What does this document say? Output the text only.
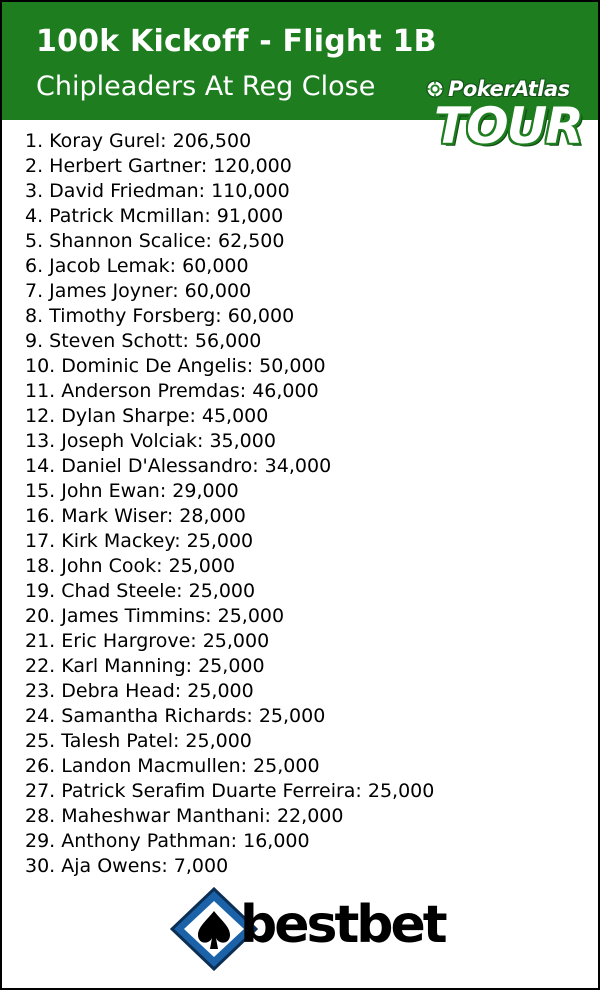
100k Kickoff - Flight 1B
Chipleaders At Reg Close	PokerAtlas
TOUR
1. Koray Gurel: 206,500
2. Herbert Gartner: 120,000
3. David Friedman: 110,000
4. Patrick Mcmillan: 91,000
5. Shannon Scalice: 62,500
6. Jacob Lemak: 60,000
7. James Joyner: 60,000
8. Timothy Forsberg: 60,000
9. Steven Schott: 56,000
10. Dominic De Angelis: 50,000
11. Anderson Premdas: 46,000
12. Dylan Sharpe: 45,000
13. Joseph Volciak: 35,000
14. Daniel D'Alessandro: 34,000
15. John Ewan: 29,000
16. Mark Wiser: 28,000
17. Kirk Mackey: 25,000
18. John Cook: 25,000
19. Chad Steele: 25,000
20. James Timmins: 25,000
21. Eric Hargrove: 25,000
22. Karl Manning: 25,000
23. Debra Head: 25,000
24. Samantha Richards: 25,000
25. Talesh Patel: 25,000
26. Landon Macmullen: 25,000
27. Patrick Serafim Duarte Ferreira: 25,000
28. Maheshwar Manthani: 22,000
29. Anthony Pathman: 16,000
30. Aja Owens: 7,000
bestbet
